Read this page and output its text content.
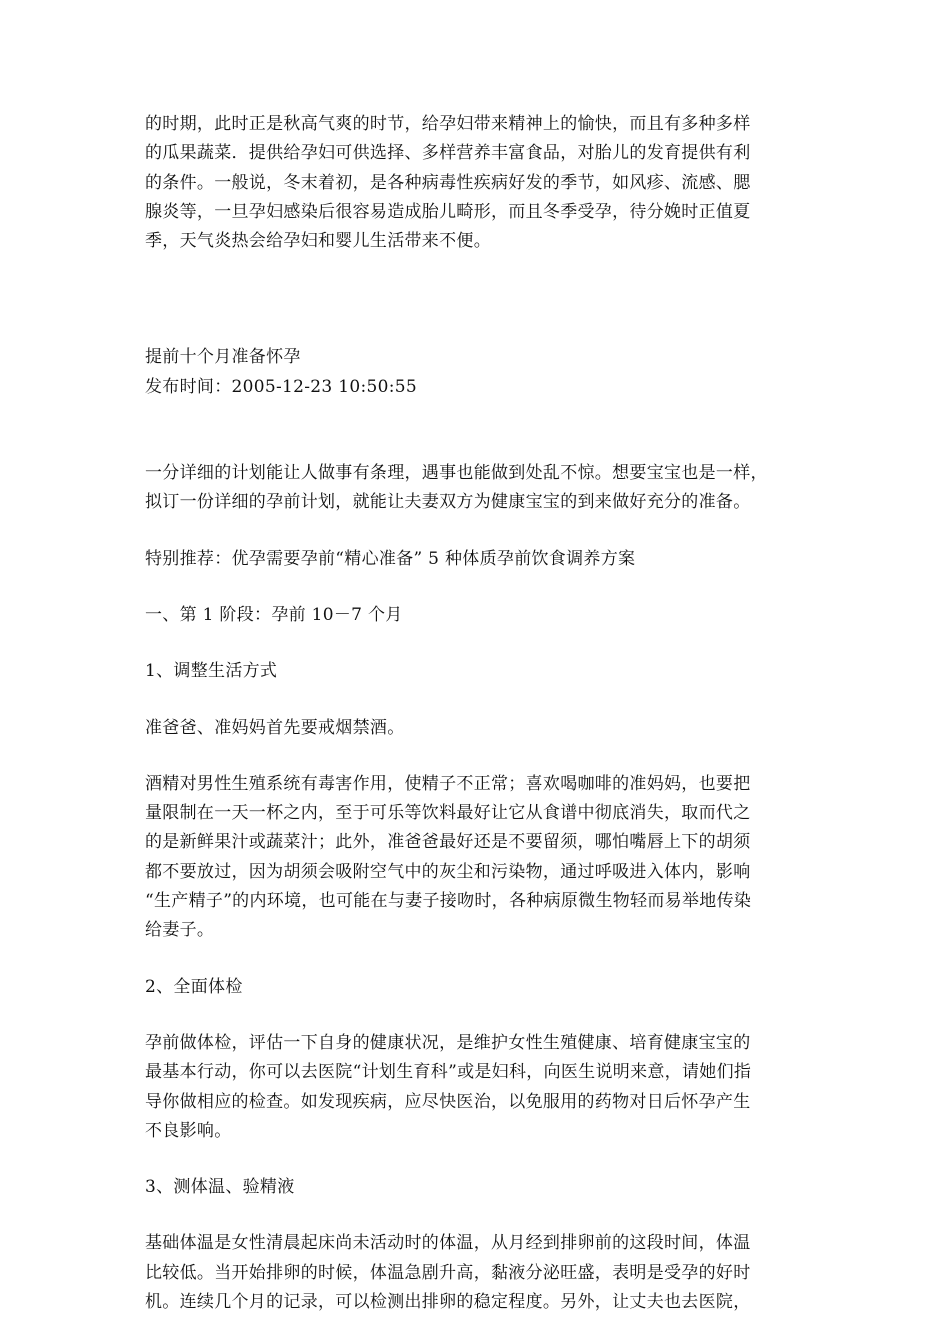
的时期，此时正是秋高气爽的时节，给孕妇带来精神上的愉快，而且有多种多样
的瓜果蔬菜．提供给孕妇可供选择、多样营养丰富食品，对胎儿的发育提供有利
的条件。一般说，冬末着初，是各种病毒性疾病好发的季节，如风疹、流感、腮
腺炎等，一旦孕妇感染后很容易造成胎儿畸形，而且冬季受孕，待分娩时正值夏
季，天气炎热会给孕妇和婴儿生活带来不便。
提前十个月准备怀孕
发布时间：2005-12-23 10:50:55
一分详细的计划能让人做事有条理，遇事也能做到处乱不惊。想要宝宝也是一样，
拟订一份详细的孕前计划，就能让夫妻双方为健康宝宝的到来做好充分的准备。
特别推荐：优孕需要孕前“精心准备” 5 种体质孕前饮食调养方案
一、第 1 阶段：孕前 10－7 个月
1、调整生活方式
准爸爸、准妈妈首先要戒烟禁酒。
酒精对男性生殖系统有毒害作用，使精子不正常；喜欢喝咖啡的准妈妈，也要把
量限制在一天一杯之内，至于可乐等饮料最好让它从食谱中彻底消失，取而代之
的是新鲜果汁或蔬菜汁；此外，准爸爸最好还是不要留须，哪怕嘴唇上下的胡须
都不要放过，因为胡须会吸附空气中的灰尘和污染物，通过呼吸进入体内，影响
“生产精子”的内环境，也可能在与妻子接吻时，各种病原微生物轻而易举地传染
给妻子。
2、全面体检
孕前做体检，评估一下自身的健康状况，是维护女性生殖健康、培育健康宝宝的
最基本行动，你可以去医院“计划生育科”或是妇科，向医生说明来意，请她们指
导你做相应的检查。如发现疾病，应尽快医治，以免服用的药物对日后怀孕产生
不良影响。
3、测体温、验精液
基础体温是女性清晨起床尚未活动时的体温，从月经到排卵前的这段时间，体温
比较低。当开始排卵的时候，体温急剧升高，黏液分泌旺盛，表明是受孕的好时
机。连续几个月的记录，可以检测出排卵的稳定程度。另外，让丈夫也去医院，
